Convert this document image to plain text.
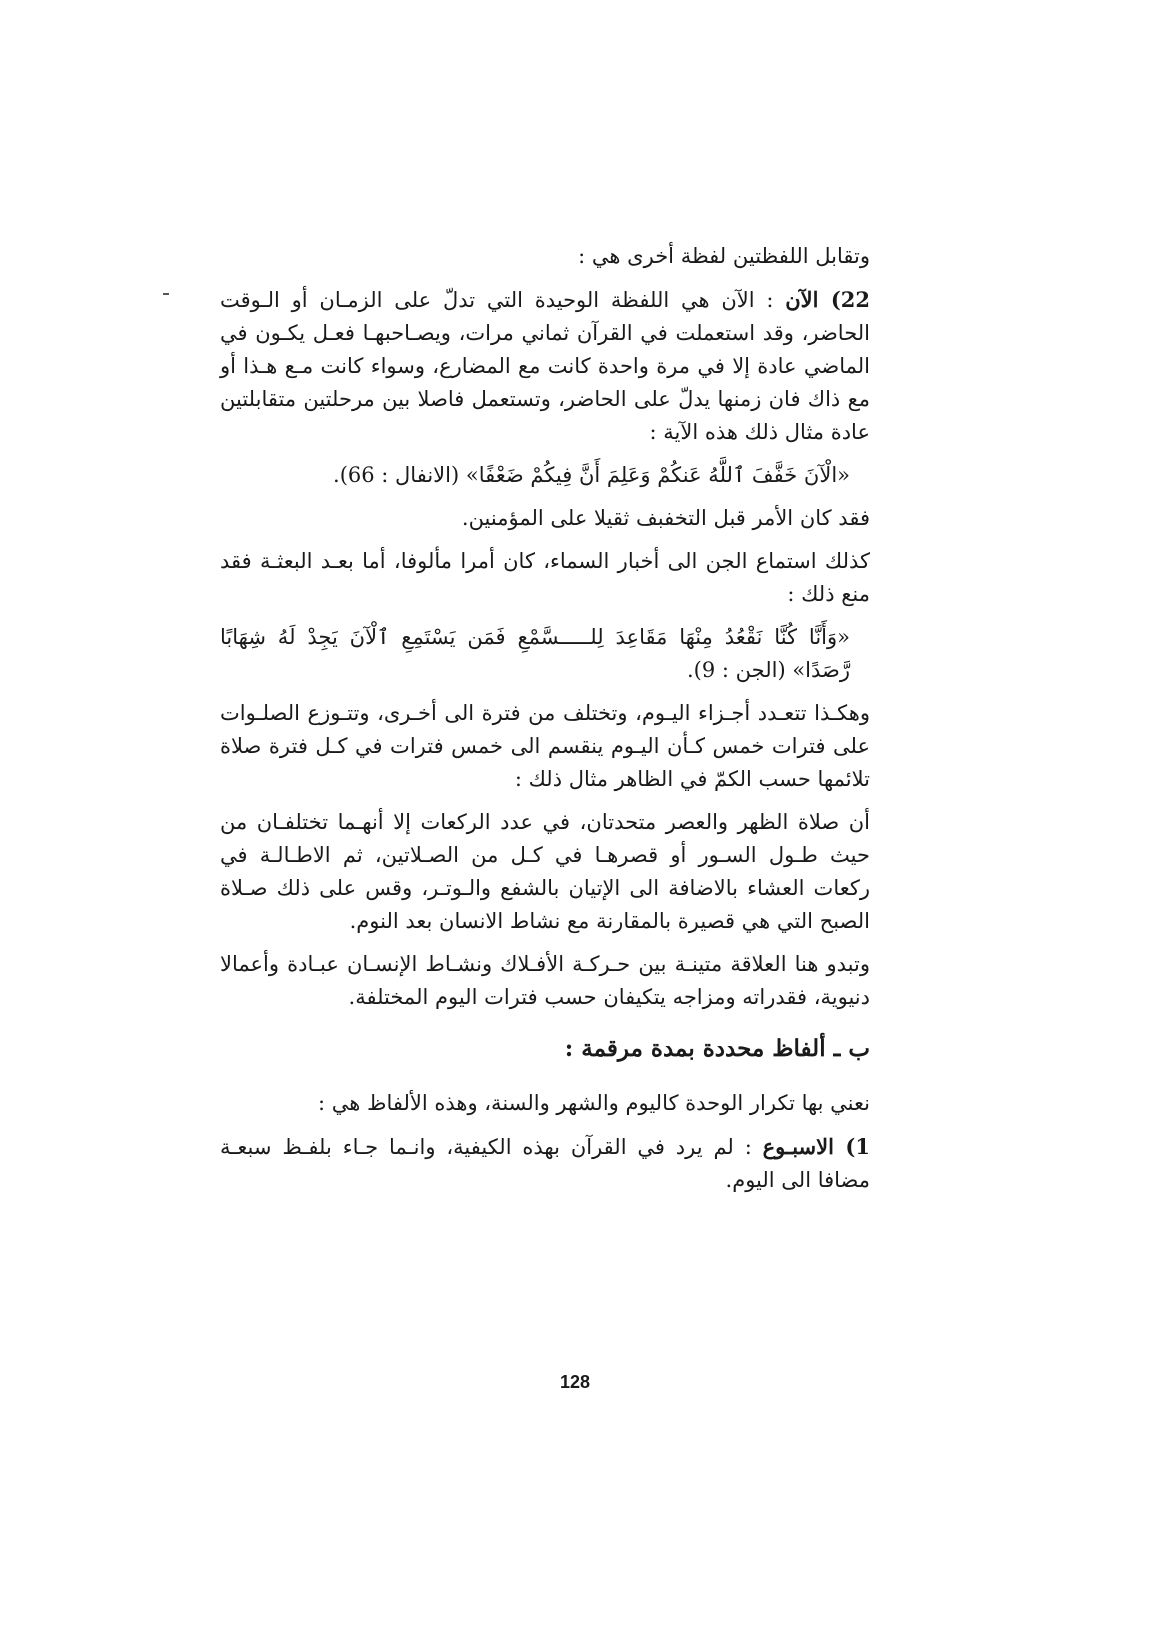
وتقابل اللفظتين لفظة أخرى هي :

22) الآن : الآن هي اللفظة الوحيدة التي تدلّ على الزمـان أو الـوقت الحاضر، وقد استعملت في القرآن ثماني مرات، ويصـاحبهـا فعـل يكـون في الماضي عادة إلا في مرة واحدة كانت مع المضارع، وسواء كانت مـع هـذا أو مع ذاك فان زمنها يدلّ على الحاضر، وتستعمل فاصلا بين مرحلتين متقابلتين عادة مثال ذلك هذه الآية :

«الْآنَ خَفَّفَ ٱللَّهُ عَنكُمْ وَعَلِمَ أَنَّ فِيكُمْ ضَعْفًا» (الانفال : 66).

فقد كان الأمر قبل التخفبف ثقيلا على المؤمنين.

كذلك استماع الجن الى أخبار السماء، كان أمرا مألوفا، أما بعـد البعثـة فقد منع ذلك :

«وَأَنَّا كُنَّا نَقْعُدُ مِنْهَا مَقَاعِدَ لِلـــــسَّمْعِ فَمَن يَسْتَمِعِ ٱلْآنَ يَجِدْ لَهُ شِهَابًا رَّصَدًا» (الجن : 9).

وهكـذا تتعـدد أجـزاء اليـوم، وتختلف من فترة الى أخـرى، وتتـوزع الصلـوات على فترات خمس كـأن اليـوم ينقسم الى خمس فترات في كـل فترة صلاة تلائمها حسب الكمّ في الظاهر مثال ذلك :

أن صلاة الظهر والعصر متحدتان، في عدد الركعات إلا أنهـما تختلفـان من حيث طـول السـور أو قصرهـا في كـل من الصـلاتين، ثم الاطـالـة في ركعات العشاء بالاضافة الى الإتيان بالشفع والـوتـر، وقس على ذلك صـلاة الصبح التي هي قصيرة بالمقارنة مع نشاط الانسان بعد النوم.

وتبدو هنا العلاقة متينـة بين حـركـة الأفـلاك ونشـاط الإنسـان عبـادة وأعمالا دنيوية، فقدراته ومزاجه يتكيفان حسب فترات اليوم المختلفة.

ب ـ ألفاظ محددة بمدة مرقمة :

نعني بها تكرار الوحدة كاليوم والشهر والسنة، وهذه الألفاظ هي :

1) الاسبـوع : لم يرد في القرآن بهذه الكيفية، وانـما جـاء بلفـظ سبعـة مضافا الى اليوم.

128
